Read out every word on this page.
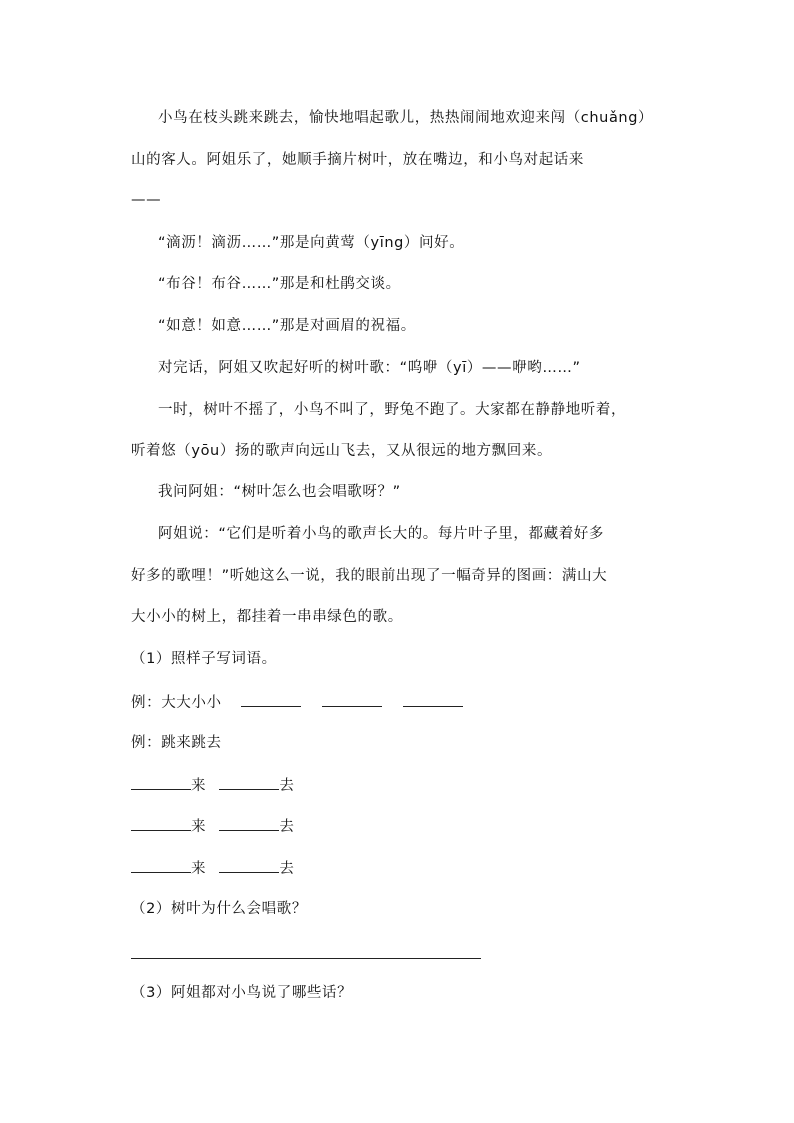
小鸟在枝头跳来跳去，愉快地唱起歌儿，热热闹闹地欢迎来闯（chuǎng）
山的客人。阿姐乐了，她顺手摘片树叶，放在嘴边，和小鸟对起话来
——
“滴沥！滴沥……”那是向黄莺（yīng）问好。
“布谷！布谷……”那是和杜鹃交谈。
“如意！如意……”那是对画眉的祝福。
对完话，阿姐又吹起好听的树叶歌：“呜咿（yī）——咿哟……”
一时，树叶不摇了，小鸟不叫了，野兔不跑了。大家都在静静地听着，
听着悠（yōu）扬的歌声向远山飞去，又从很远的地方飘回来。
我问阿姐：“树叶怎么也会唱歌呀？”
阿姐说：“它们是听着小鸟的歌声长大的。每片叶子里，都藏着好多
好多的歌哩！”听她这么一说，我的眼前出现了一幅奇异的图画：满山大
大小小的树上，都挂着一串串绿色的歌。
（1）照样子写词语。
例：大大小小
例：跳来跳去
来	去
来	去
来	去
（2）树叶为什么会唱歌？
（3）阿姐都对小鸟说了哪些话？
